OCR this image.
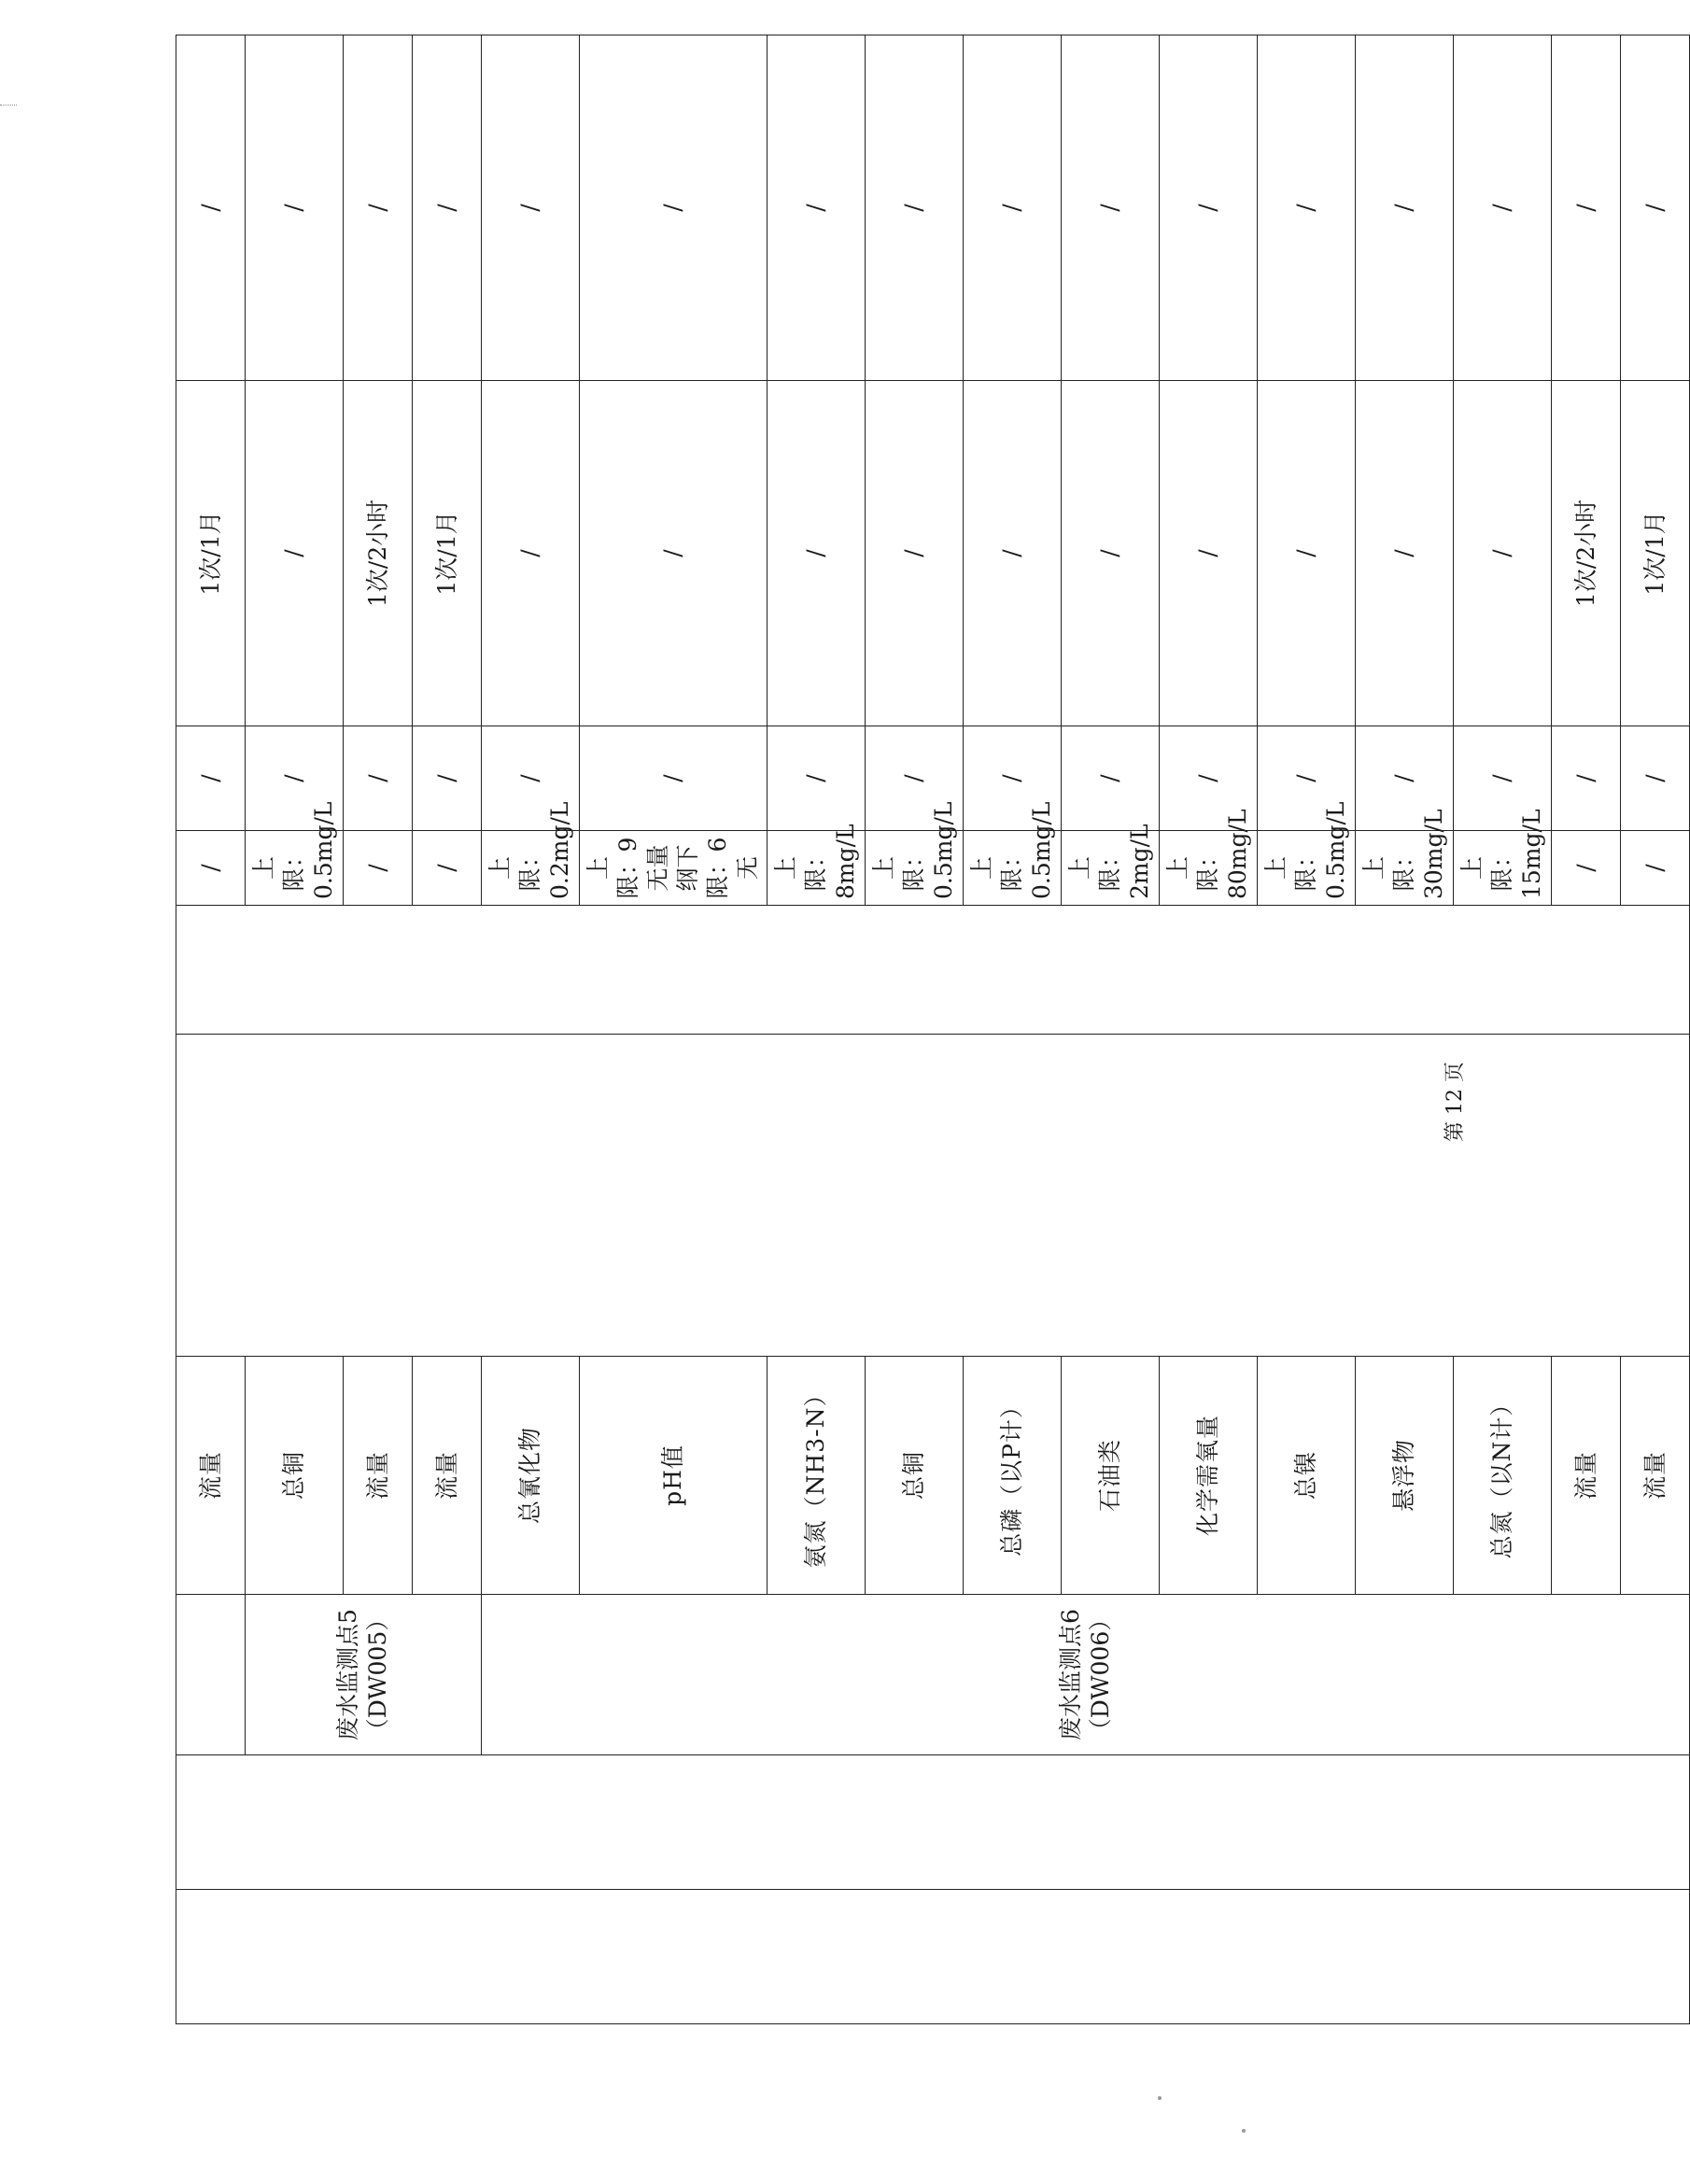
			流量			/	/	1次/1月	/	
		废水监测点5（DW005）	总铜			上限：0.5mg/L	/	/	/	
			流量			/	/	1次/2小时	/	
			流量			/	/	1次/1月	/	
		废水监测点6（DW006）	总氰化物			上限：0.2mg/L	/	/	/	
			pH值			上限：9无量纲下限：6无	/	/	/	
			氨氮（NH3-N）			上限：8mg/L	/	/	/	
			总铜			上限：0.5mg/L	/	/	/	
			总磷（以P计）			上限：0.5mg/L	/	/	/	
			石油类			上限：2mg/L	/	/	/	
			化学需氧量			上限：80mg/L	/	/	/	
			总镍			上限：0.5mg/L	/	/	/	
			悬浮物			上限：30mg/L	/	/	/	
			总氮（以N计）			上限：15mg/L	/	/	/	
			流量			/	/	1次/2小时	/	
			流量			/	/	1次/1月	/	
第 12 页
